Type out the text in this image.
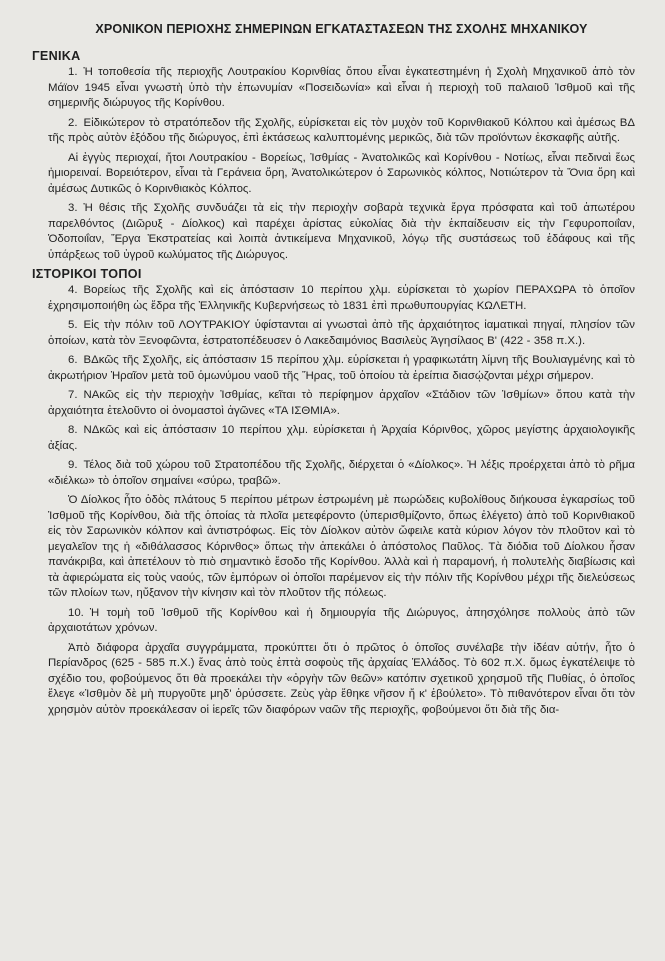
ΧΡΟΝΙΚΟΝ ΠΕΡΙΟΧΗΣ ΣΗΜΕΡΙΝΩΝ ΕΓΚΑΤΑΣΤΑΣΕΩΝ ΤΗΣ ΣΧΟΛΗΣ ΜΗΧΑΝΙΚΟΥ
ΓΕΝΙΚΑ

1. Ἡ τοποθεσία τῆς περιοχῆς Λουτρακίου Κορινθίας ὅπου εἶναι ἐγκατεστημένη ἡ Σχολὴ Μηχανικοῦ ἀπὸ τὸν Μάϊον 1945 εἶναι γνωστὴ ὑπὸ τὴν ἐπωνυμίαν «Ποσειδωνία» καὶ εἶναι ἡ περιοχὴ τοῦ παλαιοῦ Ἰσθμοῦ καὶ τῆς σημερινῆς διώρυγος τῆς Κορίνθου.

2. Εἰδικώτερον τὸ στρατόπεδον τῆς Σχολῆς, εὑρίσκεται εἰς τὸν μυχὸν τοῦ Κορινθιακοῦ Κόλπου καὶ ἀμέσως ΒΔ τῆς πρὸς αὐτὸν ἐξόδου τῆς διώρυγος, ἐπὶ ἐκτάσεως καλυπτομένης μερικῶς, διὰ τῶν προϊόντων ἐκσκαφῆς αὐτῆς.

Αἱ ἐγγὺς περιοχαί, ἤτοι Λουτρακίου - Βορείως, Ἰσθμίας - Ἀνατολικῶς καὶ Κορίνθου - Νοτίως, εἶναι πεδιναὶ ἕως ἡμιορειναί. Βορειότερον, εἶναι τὰ Γεράνεια ὄρη, Ἀνατολικώτερον ὁ Σαρωνικὸς κόλπος, Νοτιώτερον τὰ Ὄνια ὄρη καὶ ἀμέσως Δυτικῶς ὁ Κορινθιακὸς Κόλπος.

3. Ἡ θέσις τῆς Σχολῆς συνδυάζει τὰ εἰς τὴν περιοχὴν σοβαρὰ τεχνικὰ ἔργα πρόσφατα καὶ τοῦ ἀπωτέρου παρελθόντος (Διῶρυξ - Δίολκος) καὶ παρέχει ἀρίστας εὐκολίας διὰ τὴν ἐκπαίδευσιν εἰς τὴν Γεφυροποιΐαν, Ὁδοποιΐαν, Ἔργα Ἐκστρατείας καὶ λοιπὰ ἀντικείμενα Μηχανικοῦ, λόγῳ τῆς συστάσεως τοῦ ἐδάφους καὶ τῆς ὑπάρξεως τοῦ ὑγροῦ κωλύματος τῆς Διώρυγος.

ΙΣΤΟΡΙΚΟΙ ΤΟΠΟΙ

4. Βορείως τῆς Σχολῆς καὶ εἰς ἀπόστασιν 10 περίπου χλμ. εὑρίσκεται τὸ χωρίον ΠΕΡΑΧΩΡΑ τὸ ὁποῖον ἐχρησιμοποιήθη ὡς ἕδρα τῆς Ἑλληνικῆς Κυβερνήσεως τὸ 1831 ἐπὶ πρωθυπουργίας ΚΩΛΕΤΗ.

5. Εἰς τὴν πόλιν τοῦ ΛΟΥΤΡΑΚΙΟΥ ὑφίστανται αἱ γνωσταὶ ἀπὸ τῆς ἀρχαιότητος ἰαματικαὶ πηγαί, πλησίον τῶν ὁποίων, κατὰ τὸν Ξενοφῶντα, ἐστρατοπέδευσεν ὁ Λακεδαιμόνιος Βασιλεὺς Ἀγησίλαος Β' (422 - 358 π.Χ.).

6. ΒΔκῶς τῆς Σχολῆς, εἰς ἀπόστασιν 15 περίπου χλμ. εὑρίσκεται ἡ γραφικωτάτη λίμνη τῆς Βουλιαγμένης καὶ τὸ ἀκρωτήριον Ἡραῖον μετὰ τοῦ ὁμωνύμου ναοῦ τῆς Ἥρας, τοῦ ὁποίου τὰ ἐρείπια διασῴζονται μέχρι σήμερον.

7. ΝΑκῶς εἰς τὴν περιοχὴν Ἰσθμίας, κεῖται τὸ περίφημον ἀρχαῖον «Στάδιον τῶν Ἰσθμίων» ὅπου κατὰ τὴν ἀρχαιότητα ἐτελοῦντο οἱ ὀνομαστοὶ ἀγῶνες «ΤΑ ΙΣΘΜΙΑ».

8. ΝΔκῶς καὶ εἰς ἀπόστασιν 10 περίπου χλμ. εὑρίσκεται ἡ Ἀρχαία Κόρινθος, χῶρος μεγίστης ἀρχαιολογικῆς ἀξίας.

9. Τέλος διὰ τοῦ χώρου τοῦ Στρατοπέδου τῆς Σχολῆς, διέρχεται ὁ «Δίολκος». Ἡ λέξις προέρχεται ἀπὸ τὸ ρῆμα «διέλκω» τὸ ὁποῖον σημαίνει «σύρω, τραβῶ».

Ὁ Δίολκος ἦτο ὁδὸς πλάτους 5 περίπου μέτρων ἐστρωμένη μὲ πωρώδεις κυβολίθους διήκουσα ἐγκαρσίως τοῦ Ἰσθμοῦ τῆς Κορίνθου, διὰ τῆς ὁποίας τὰ πλοῖα μετεφέροντο (ὑπερισθμίζοντο, ὅπως ἐλέγετο) ἀπὸ τοῦ Κορινθιακοῦ εἰς τὸν Σαρωνικὸν κόλπον καὶ ἀντιστρόφως. Εἰς τὸν Δίολκον αὐτὸν ὤφειλε κατὰ κύριον λόγον τὸν πλοῦτον καὶ τὸ μεγαλεῖον της ἡ «διθάλασσος Κόρινθος» ὅπως τὴν ἀπεκάλει ὁ ἀπόστολος Παῦλος. Τὰ διόδια τοῦ Δίολκου ἦσαν πανάκριβα, καὶ ἀπετέλουν τὸ πιὸ σημαντικὸ ἔσοδο τῆς Κορίνθου. Ἀλλὰ καὶ ἡ παραμονή, ἡ πολυτελὴς διαβίωσις καὶ τὰ ἀφιερώματα εἰς τοὺς ναούς, τῶν ἐμπόρων οἱ ὁποῖοι παρέμενον εἰς τὴν πόλιν τῆς Κορίνθου μέχρι τῆς διελεύσεως τῶν πλοίων των, ηὔξανον τὴν κίνησιν καὶ τὸν πλοῦτον τῆς πόλεως.

10. Ἡ τομὴ τοῦ Ἰσθμοῦ τῆς Κορίνθου καὶ ἡ δημιουργία τῆς Διώρυγος, ἀπησχόλησε πολλοὺς ἀπὸ τῶν ἀρχαιοτάτων χρόνων.

Ἀπὸ διάφορα ἀρχαῖα συγγράμματα, προκύπτει ὅτι ὁ πρῶτος ὁ ὁποῖος συνέλαβε τὴν ἰδέαν αὐτήν, ἦτο ὁ Περίανδρος (625 - 585 π.Χ.) ἕνας ἀπὸ τοὺς ἑπτὰ σοφοὺς τῆς ἀρχαίας Ἑλλάδος. Τὸ 602 π.Χ. ὅμως ἐγκατέλειψε τὸ σχέδιο του, φοβούμενος ὅτι θὰ προεκάλει τὴν «ὀργὴν τῶν θεῶν» κατόπιν σχετικοῦ χρησμοῦ τῆς Πυθίας, ὁ ὁποῖος ἔλεγε «Ἰσθμὸν δὲ μὴ πυργοῦτε μηδ' ὀρύσσετε. Ζεὺς γὰρ ἔθηκε νῆσον ἤ κ' ἐβούλετο». Τὸ πιθανότερον εἶναι ὅτι τὸν χρησμὸν αὐτὸν προεκάλεσαν οἱ ἱερεῖς τῶν διαφόρων ναῶν τῆς περιοχῆς, φοβούμενοι ὅτι διὰ τῆς δια-
